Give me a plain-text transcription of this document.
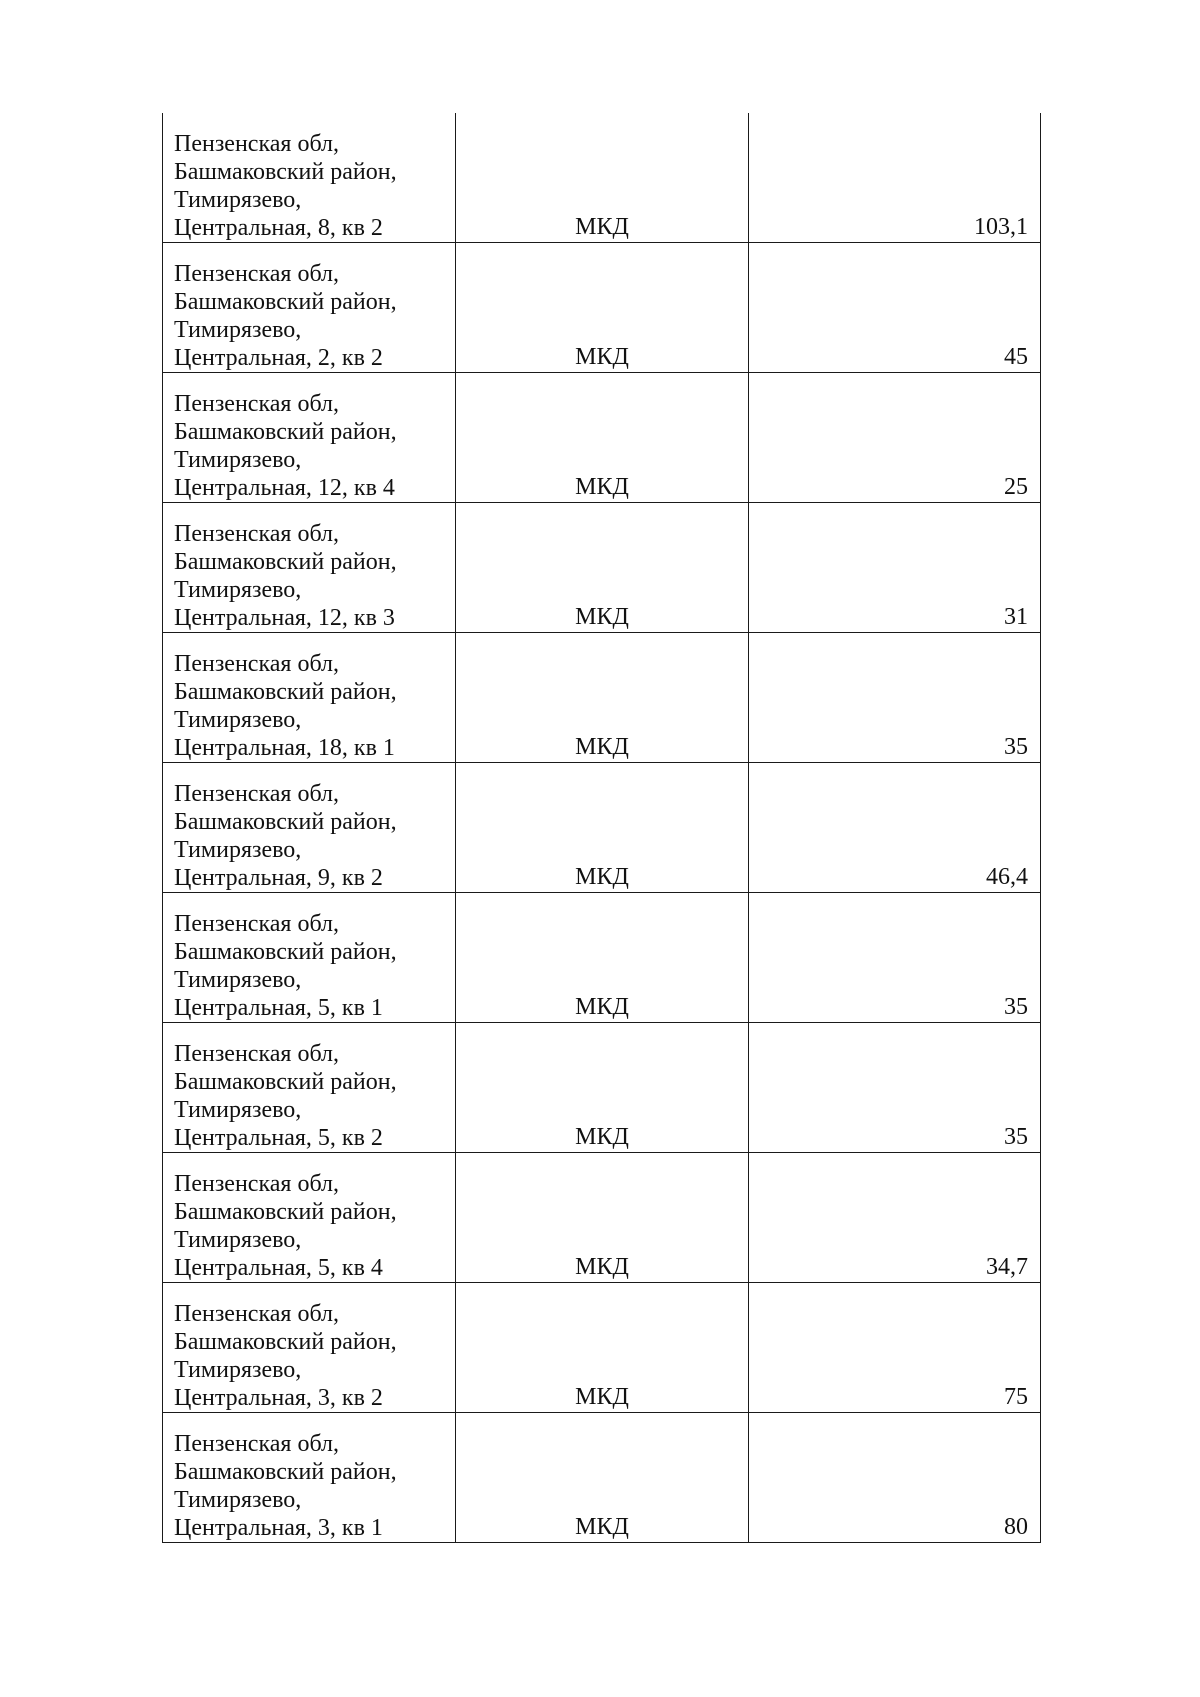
Пензенская обл,
Башмаковский район,
Тимирязево,
Центральная, 8, кв 2	МКД	103,1

Пензенская обл,
Башмаковский район,
Тимирязево,
Центральная, 2, кв 2	МКД	45

Пензенская обл,
Башмаковский район,
Тимирязево,
Центральная, 12, кв 4	МКД	25

Пензенская обл,
Башмаковский район,
Тимирязево,
Центральная, 12, кв 3	МКД	31

Пензенская обл,
Башмаковский район,
Тимирязево,
Центральная, 18, кв 1	МКД	35

Пензенская обл,
Башмаковский район,
Тимирязево,
Центральная, 9, кв 2	МКД	46,4

Пензенская обл,
Башмаковский район,
Тимирязево,
Центральная, 5, кв 1	МКД	35

Пензенская обл,
Башмаковский район,
Тимирязево,
Центральная, 5, кв 2	МКД	35

Пензенская обл,
Башмаковский район,
Тимирязево,
Центральная, 5, кв 4	МКД	34,7

Пензенская обл,
Башмаковский район,
Тимирязево,
Центральная, 3, кв 2	МКД	75

Пензенская обл,
Башмаковский район,
Тимирязево,
Центральная, 3, кв 1	МКД	80
